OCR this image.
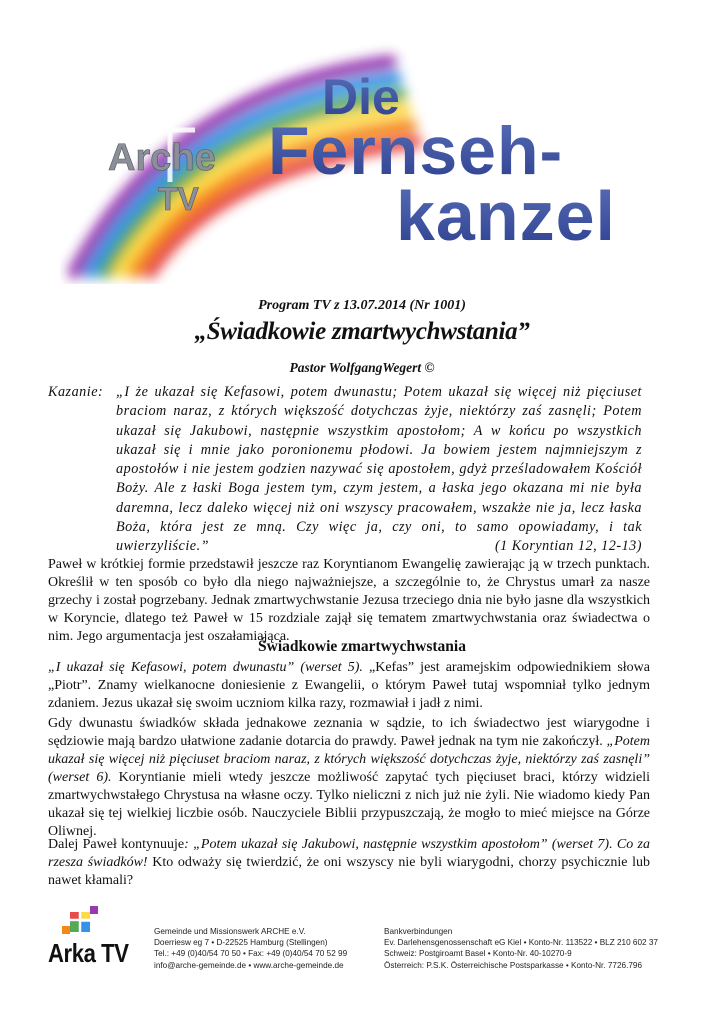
Arche
TV
Die
Fernseh-
kanzel
Program TV z 13.07.2014 (Nr 1001)
„Świadkowie zmartwychwstania”
Pastor WolfgangWegert ©
Kazanie: „I że ukazał się Kefasowi, potem dwunastu; Potem ukazał się więcej niż pięciuset braciom naraz, z których większość dotychczas żyje, niektórzy zaś zasnęli; Potem ukazał się Jakubowi, następnie wszystkim apostołom; A w końcu po wszystkich ukazał się i mnie jako poronionemu płodowi. Ja bowiem jestem najmniejszym z apostołów i nie jestem godzien nazywać się apostołem, gdyż prześladowałem Kościół Boży. Ale z łaski Boga jestem tym, czym jestem, a łaska jego okazana mi nie była daremna, lecz daleko więcej niż oni wszyscy pracowałem, wszakże nie ja, lecz łaska Boża, która jest ze mną. Czy więc ja, czy oni, to samo opowiadamy, i tak uwierzyliście.”	(1 Koryntian 12, 12-13)
Paweł w krótkiej formie przedstawił jeszcze raz Koryntianom Ewangelię zawierając ją w trzech punktach. Określił w ten sposób co było dla niego najważniejsze, a szczególnie to, że Chrystus umarł za nasze grzechy i został pogrzebany. Jednak zmartwychwstanie Jezusa trzeciego dnia nie było jasne dla wszystkich w Koryncie, dlatego też Paweł w 15 rozdziale zajął się tematem zmartwychwstania oraz świadectwa o nim. Jego argumentacja jest oszałamiająca.
Świadkowie zmartwychwstania
„I ukazał się Kefasowi, potem dwunastu” (werset 5). „Kefas” jest aramejskim odpowiednikiem słowa „Piotr”. Znamy wielkanocne doniesienie z Ewangelii, o którym Paweł tutaj wspomniał tylko jednym zdaniem. Jezus ukazał się swoim uczniom kilka razy, rozmawiał i jadł z nimi.
Gdy dwunastu świadków składa jednakowe zeznania w sądzie, to ich świadectwo jest wiarygodne i sędziowie mają bardzo ułatwione zadanie dotarcia do prawdy. Paweł jednak na tym nie zakończył. „Potem ukazał się więcej niż pięciuset braciom naraz, z których większość dotychczas żyje, niektórzy zaś zasnęli” (werset 6). Koryntianie mieli wtedy jeszcze możliwość zapytać tych pięciuset braci, którzy widzieli zmartwychwstałego Chrystusa na własne oczy. Tylko nieliczni z nich już nie żyli. Nie wiadomo kiedy Pan ukazał się tej wielkiej liczbie osób. Nauczyciele Biblii przypuszczają, że mogło to mieć miejsce na Górze Oliwnej.
Dalej Paweł kontynuuje: „Potem ukazał się Jakubowi, następnie wszystkim apostołom” (werset 7). Co za rzesza świadków! Kto odważy się twierdzić, że oni wszyscy nie byli wiarygodni, chorzy psychicznie lub nawet kłamali?
Arka TV
Gemeinde und Missionswerk ARCHE e.V.
Doerriesw eg 7 • D-22525 Hamburg (Stellingen)
Tel.: +49 (0)40/54 70 50 • Fax: +49 (0)40/54 70 52 99
info@arche-gemeinde.de • www.arche-gemeinde.de
Bankverbindungen
Ev. Darlehensgenossenschaft eG Kiel • Konto-Nr. 113522 • BLZ 210 602 37
Schweiz: Postgiroamt Basel • Konto-Nr. 40-10270-9
Österreich: P.S.K. Österreichische Postsparkasse • Konto-Nr. 7726.796
